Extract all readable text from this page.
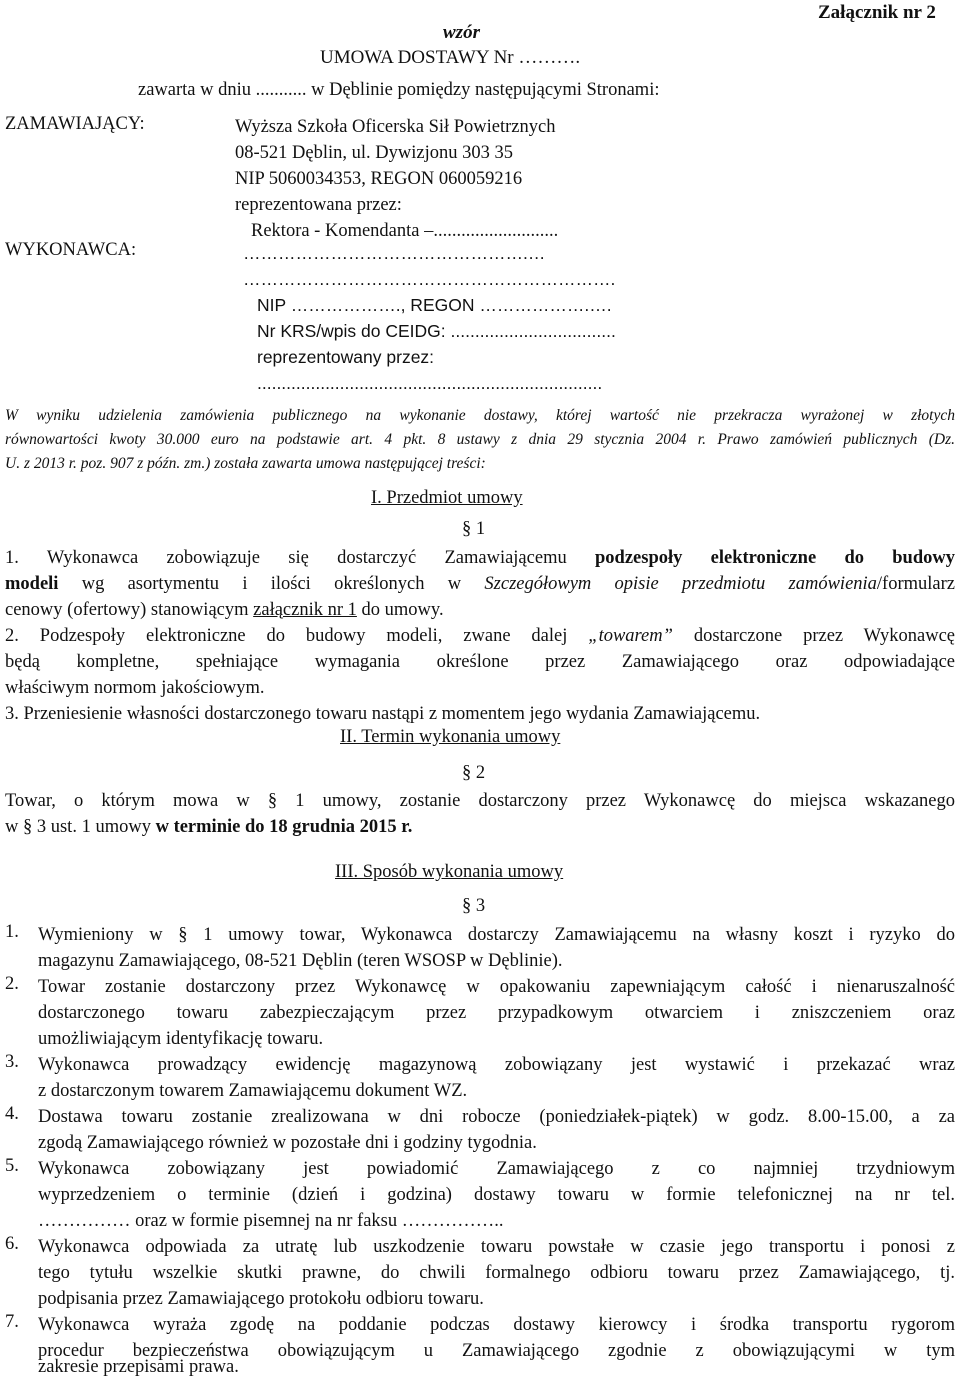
Załącznik nr 2
wzór
UMOWA DOSTAWY Nr ……….
zawarta w dniu ........... w Dęblinie pomiędzy następującymi Stronami:
ZAMAWIAJĄCY:	Wyższa Szkoła Oficerska Sił Powietrznych
08-521 Dęblin, ul. Dywizjonu 303 35
NIP 5060034353, REGON 060059216
reprezentowana przez:
Rektora - Komendanta –...........................
WYKONAWCA:	………………………………………….…
……………………………………………………….
NIP ………………., REGON ……………….….
Nr KRS/wpis do CEIDG: ..................................
reprezentowany przez:
.......................................................................
W wyniku udzielenia zamówienia publicznego na wykonanie dostawy, której wartość nie przekracza wyrażonej w złotych
równowartości kwoty 30.000 euro na podstawie art. 4 pkt. 8 ustawy z dnia 29 stycznia 2004 r. Prawo zamówień publicznych (Dz.
U. z 2013 r. poz. 907 z późn. zm.) została zawarta umowa następującej treści:
I. Przedmiot umowy
§ 1
1. Wykonawca zobowiązuje się dostarczyć Zamawiającemu podzespoły elektroniczne do budowy
modeli wg asortymentu i ilości określonych w Szczegółowym opisie przedmiotu zamówienia/formularz
cenowy (ofertowy) stanowiącym załącznik nr 1 do umowy.
2. Podzespoły elektroniczne do budowy modeli, zwane dalej „towarem” dostarczone przez Wykonawcę
będą kompletne, spełniające wymagania określone przez Zamawiającego oraz odpowiadające
właściwym normom jakościowym.
3. Przeniesienie własności dostarczonego towaru nastąpi z momentem jego wydania Zamawiającemu.
II. Termin wykonania umowy
§ 2
Towar, o którym mowa w § 1 umowy, zostanie dostarczony przez Wykonawcę do miejsca wskazanego
w § 3 ust. 1 umowy w terminie do 18 grudnia 2015 r.
III. Sposób wykonania umowy
§ 3
1.	Wymieniony w § 1 umowy towar, Wykonawca dostarczy Zamawiającemu na własny koszt i ryzyko do
magazynu Zamawiającego, 08-521 Dęblin (teren WSOSP w Dęblinie).
2.	Towar zostanie dostarczony przez Wykonawcę w opakowaniu zapewniającym całość i nienaruszalność
dostarczonego towaru zabezpieczającym przez przypadkowym otwarciem i zniszczeniem oraz
umożliwiającym identyfikację towaru.
3.	Wykonawca prowadzący ewidencję magazynową zobowiązany jest wystawić i przekazać wraz
z dostarczonym towarem Zamawiającemu dokument WZ.
4.	Dostawa towaru zostanie zrealizowana w dni robocze (poniedziałek-piątek) w godz. 8.00-15.00, a za
zgodą Zamawiającego również w pozostałe dni i godziny tygodnia.
5.	Wykonawca zobowiązany jest powiadomić Zamawiającego z co najmniej trzydniowym
wyprzedzeniem o terminie (dzień i godzina) dostawy towaru w formie telefonicznej na nr tel.
…………… oraz w formie pisemnej na nr faksu ……………..
6.	Wykonawca odpowiada za utratę lub uszkodzenie towaru powstałe w czasie jego transportu i ponosi z
tego tytułu wszelkie skutki prawne, do chwili formalnego odbioru towaru przez Zamawiającego, tj.
podpisania przez Zamawiającego protokołu odbioru towaru.
7.	Wykonawca wyraża zgodę na poddanie podczas dostawy kierowcy i środka transportu rygorom
procedur bezpieczeństwa obowiązującym u Zamawiającego zgodnie z obowiązującymi w tym
zakresie przepisami prawa.
